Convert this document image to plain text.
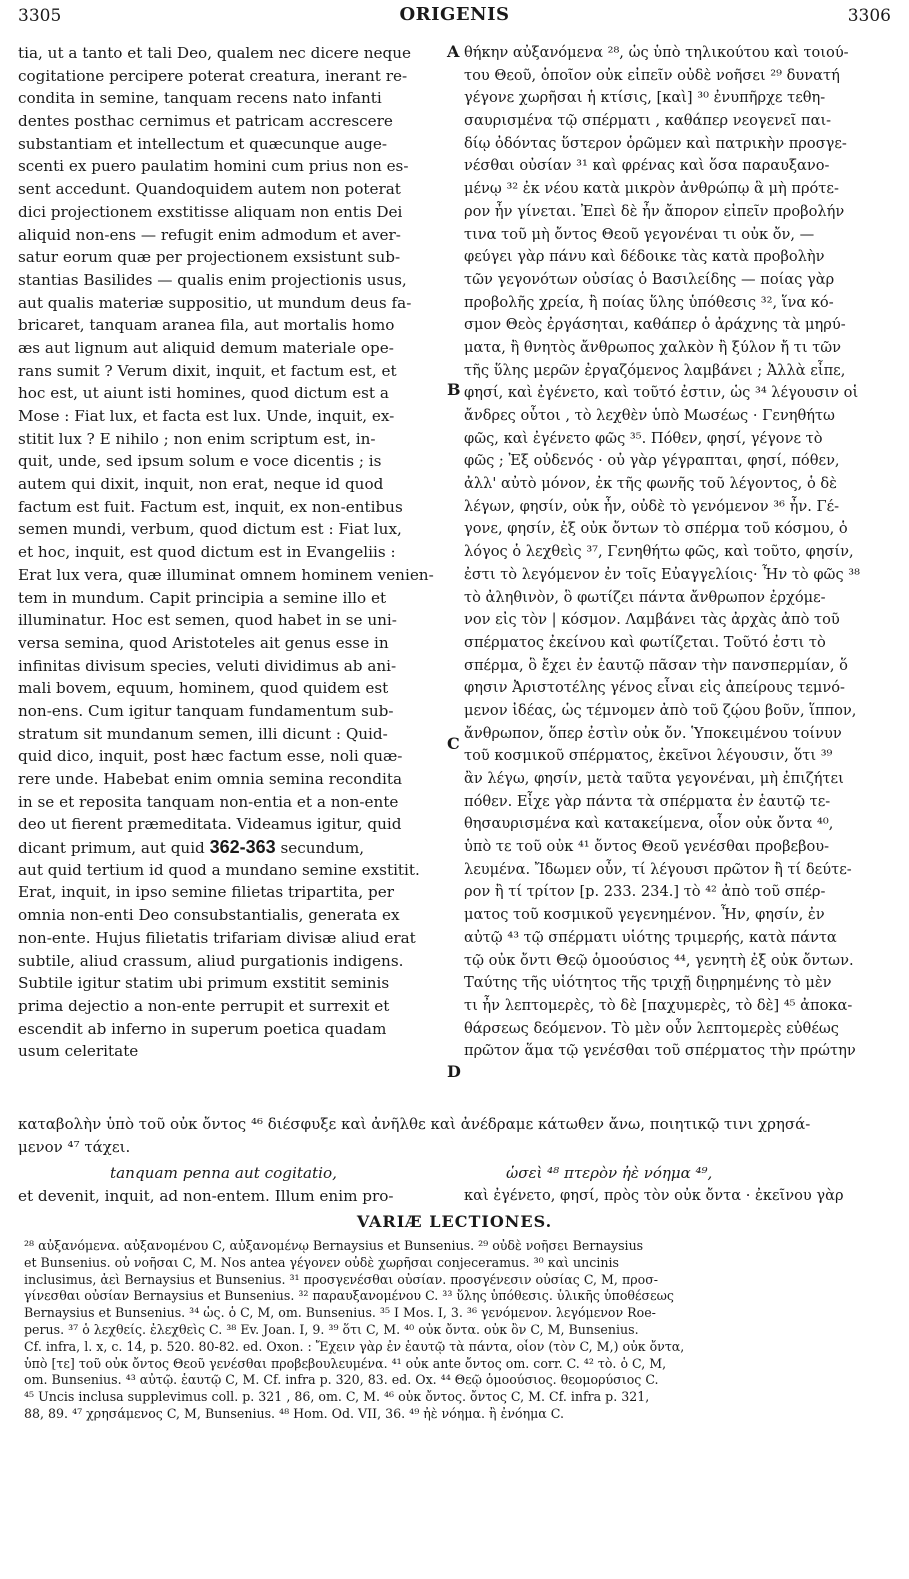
3305	ORIGENIS	3306
tia, ut a tanto et tali Deo, qualem nec dicere neque
cogitatione percipere poterat creatura, inerant re-
condita in semine, tanquam recens nato infanti
dentes posthac cernimus et patricam accrescere
substantiam et intellectum et quæcunque auge-
scenti ex puero paulatim homini cum prius non es-
sent accedunt. Quandoquidem autem non poterat
dici projectionem exstitisse aliquam non entis Dei
aliquid non-ens — refugit enim admodum et aver-
satur eorum quæ per projectionem exsistunt sub-
stantias Basilides — qualis enim projectionis usus,
aut qualis materiæ suppositio, ut mundum deus fa-
bricaret, tanquam aranea fila, aut mortalis homo
æs aut lignum aut aliquid demum materiale ope-
rans sumit ? Verum dixit, inquit, et factum est, et
hoc est, ut aiunt isti homines, quod dictum est a
Mose : Fiat lux, et facta est lux. Unde, inquit, ex-
stitit lux ? E nihilo ; non enim scriptum est, in-
quit, unde, sed ipsum solum e voce dicentis ; is
autem qui dixit, inquit, non erat, neque id quod
factum est fuit. Factum est, inquit, ex non-entibus
semen mundi, verbum, quod dictum est : Fiat lux,
et hoc, inquit, est quod dictum est in Evangeliis :
Erat lux vera, quæ illuminat omnem hominem venien-
tem in mundum. Capit principia a semine illo et
illuminatur. Hoc est semen, quod habet in se uni-
versa semina, quod Aristoteles ait genus esse in
infinitas divisum species, veluti dividimus ab ani-
mali bovem, equum, hominem, quod quidem est
non-ens. Cum igitur tanquam fundamentum sub-
stratum sit mundanum semen, illi dicunt : Quid-
quid dico, inquit, post hæc factum esse, noli quæ-
rere unde. Habebat enim omnia semina recondita
in se et reposita tanquam non-entia et a non-ente
deo ut fierent præmeditata. Videamus igitur, quid
dicant primum, aut quid 362-363 secundum,
aut quid tertium id quod a mundano semine exstitit.
Erat, inquit, in ipso semine filietas tripartita, per
omnia non-enti Deo consubstantialis, generata ex
non-ente. Hujus filietatis trifariam divisæ aliud erat
subtile, aliud crassum, aliud purgationis indigens.
Subtile igitur statim ubi primum exstitit seminis
prima dejectio a non-ente perrupit et surrexit et
escendit ab inferno in superum poetica quadam
usum celeritate
θήκην αὐξανόμενα ²⁸, ὡς ὑπὸ τηλικούτου καὶ τοιού-
του Θεοῦ, ὁποῖον οὐκ εἰπεῖν οὐδὲ νοῆσει ²⁹ δυνατή
γέγονε χωρῆσαι ἡ κτίσις, [καὶ] ³⁰ ἐνυπῆρχε τεθη-
σαυρισμένα τῷ σπέρματι , καθάπερ νεογενεῖ παι-
δίῳ ὀδόντας ὕστερον ὁρῶμεν καὶ πατρικὴν προσγε-
νέσθαι οὐσίαν ³¹ καὶ φρένας καὶ ὅσα παραυξανο-
μένῳ ³² ἐκ νέου κατὰ μικρὸν ἀνθρώπῳ ἃ μὴ πρότε-
ρον ἦν γίνεται. Ἐπεὶ δὲ ἦν ἄπορον εἰπεῖν προβολήν
τινα τοῦ μὴ ὄντος Θεοῦ γεγονέναι τι οὐκ ὄν, —
φεύγει γὰρ πάνυ καὶ δέδοικε τὰς κατὰ προβολὴν
τῶν γεγονότων οὐσίας ὁ Βασιλείδης — ποίας γὰρ
προβολῆς χρεία, ἢ ποίας ὕλης ὑπόθεσις ³², ἵνα κό-
σμον Θεὸς ἐργάσηται, καθάπερ ὁ ἀράχνης τὰ μηρύ-
ματα, ἢ θνητὸς ἄνθρωπος χαλκὸν ἢ ξύλον ἤ τι τῶν
τῆς ὕλης μερῶν ἐργαζόμενος λαμβάνει ; Ἀλλὰ εἶπε,
φησί, καὶ ἐγένετο, καὶ τοῦτό ἐστιν, ὡς ³⁴ λέγουσιν οἱ
ἄνδρες οὗτοι , τὸ λεχθὲν ὑπὸ Μωσέως · Γενηθήτω
φῶς, καὶ ἐγένετο φῶς ³⁵. Πόθεν, φησί, γέγονε τὸ
φῶς ; Ἐξ οὐδενός · οὐ γὰρ γέγραπται, φησί, πόθεν,
ἀλλ' αὐτὸ μόνον, ἐκ τῆς φωνῆς τοῦ λέγοντος, ὁ δὲ
λέγων, φησίν, οὐκ ἦν, οὐδὲ τὸ γενόμενον ³⁶ ἦν. Γέ-
γονε, φησίν, ἐξ οὐκ ὄντων τὸ σπέρμα τοῦ κόσμου, ὁ
λόγος ὁ λεχθεὶς ³⁷, Γενηθήτω φῶς, καὶ τοῦτο, φησίν,
ἐστι τὸ λεγόμενον ἐν τοῖς Εὐαγγελίοις· Ἦν τὸ φῶς ³⁸
τὸ ἀληθινὸν, ὃ φωτίζει πάντα ἄνθρωπον ἐρχόμε-
νον εἰς τὸν | κόσμον. Λαμβάνει τὰς ἀρχὰς ἀπὸ τοῦ
σπέρματος ἐκείνου καὶ φωτίζεται. Τοῦτό ἐστι τὸ
σπέρμα, ὃ ἔχει ἐν ἑαυτῷ πᾶσαν τὴν πανσπερμίαν, ὅ
φησιν Ἀριστοτέλης γένος εἶναι εἰς ἀπείρους τεμνό-
μενον ἰδέας, ὡς τέμνομεν ἀπὸ τοῦ ζῴου βοῦν, ἵππον,
ἄνθρωπον, ὅπερ ἐστὶν οὐκ ὄν. Ὑποκειμένου τοίνυν
τοῦ κοσμικοῦ σπέρματος, ἐκεῖνοι λέγουσιν, ὅτι ³⁹
ἂν λέγω, φησίν, μετὰ ταῦτα γεγονέναι, μὴ ἐπιζήτει
πόθεν. Εἶχε γὰρ πάντα τὰ σπέρματα ἐν ἑαυτῷ τε-
θησαυρισμένα καὶ κατακείμενα, οἷον οὐκ ὄντα ⁴⁰,
ὑπὸ τε τοῦ οὐκ ⁴¹ ὄντος Θεοῦ γενέσθαι προβεβου-
λευμένα. Ἴδωμεν οὖν, τί λέγουσι πρῶτον ἢ τί δεύτε-
ρον ἢ τί τρίτον [p. 233. 234.] τὸ ⁴² ἀπὸ τοῦ σπέρ-
ματος τοῦ κοσμικοῦ γεγενημένον. Ἦν, φησίν, ἐν
αὐτῷ ⁴³ τῷ σπέρματι υἱότης τριμερής, κατὰ πάντα
τῷ οὐκ ὄντι Θεῷ ὁμοούσιος ⁴⁴, γενητὴ ἐξ οὐκ ὄντων.
Ταύτης τῆς υἱότητος τῆς τριχῇ διῃρημένης τὸ μὲν
τι ἦν λεπτομερὲς, τὸ δὲ [παχυμερὲς, τὸ δὲ] ⁴⁵ ἀποκα-
θάρσεως δεόμενον. Τὸ μὲν οὖν λεπτομερὲς εὐθέως
πρῶτον ἅμα τῷ γενέσθαι τοῦ σπέρματος τὴν πρώτην
A
B
C
D
καταβολὴν ὑπὸ τοῦ οὐκ ὄντος ⁴⁶ διέσφυξε καὶ ἀνῆλθε καὶ ἀνέδραμε κάτωθεν ἄνω, ποιητικῷ τινι χρησά-
μενον ⁴⁷ τάχει.
tanquam penna aut cogitatio,	ὡσεὶ ⁴⁸ πτερὸν ἠὲ νόημα ⁴⁹,
et devenit, inquit, ad non-entem. Illum enim pro-	καὶ ἐγένετο, φησί, πρὸς τὸν οὐκ ὄντα · ἐκεῖνου γὰρ
VARIÆ LECTIONES.
²⁸ αὐξανόμενα. αὐξανομένου C, αὐξανομένῳ Bernaysius et Bunsenius. ²⁹ οὐδὲ νοῆσει Bernaysius
et Bunsenius. οὐ νοῆσαι C, M. Nos antea γέγονεν οὐδὲ χωρῆσαι conjeceramus. ³⁰ καὶ uncinis
inclusimus, ἀεὶ Bernaysius et Bunsenius. ³¹ προσγενέσθαι οὐσίαν. προσγένεσιν οὐσίας C, M, προσ-
γίνεσθαι οὐσίαν Bernaysius et Bunsenius. ³² παραυξανομένου C. ³³ ὕλης ὑπόθεσις. ὑλικῆς ὑποθέσεως
Bernaysius et Bunsenius. ³⁴ ὡς. ὁ C, M, om. Bunsenius. ³⁵ I Mos. I, 3. ³⁶ γενόμενον. λεγόμενον Roe-
perus. ³⁷ ὁ λεχθείς. ἐλεχθεὶς C. ³⁸ Ev. Joan. I, 9. ³⁹ ὅτι C, M. ⁴⁰ οὐκ ὄντα. οὐκ ὂν C, M, Bunsenius.
Cf. infra, l. x, c. 14, p. 520. 80-82. ed. Oxon. : Ἔχειν γὰρ ἐν ἑαυτῷ τὰ πάντα, οἷον (τὸν C, M,) οὐκ ὄντα,
ὑπὸ [τε] τοῦ οὐκ ὄντος Θεοῦ γενέσθαι προβεβουλευμένα. ⁴¹ οὐκ ante ὄντος om. corr. C. ⁴² τὸ. ὁ C, M,
om. Bunsenius. ⁴³ αὐτῷ. ἑαυτῷ C, M. Cf. infra p. 320, 83. ed. Ox. ⁴⁴ Θεῷ ὁμοούσιος. θεομορύσιος C.
⁴⁵ Uncis inclusa supplevimus coll. p. 321 , 86, om. C, M. ⁴⁶ οὐκ ὄντος. ὄντος C, M. Cf. infra p. 321,
88, 89. ⁴⁷ χρησάμενος C, M, Bunsenius. ⁴⁸ Hom. Od. VII, 36. ⁴⁹ ἠὲ νόημα. ἢ ἐνόημα C.
